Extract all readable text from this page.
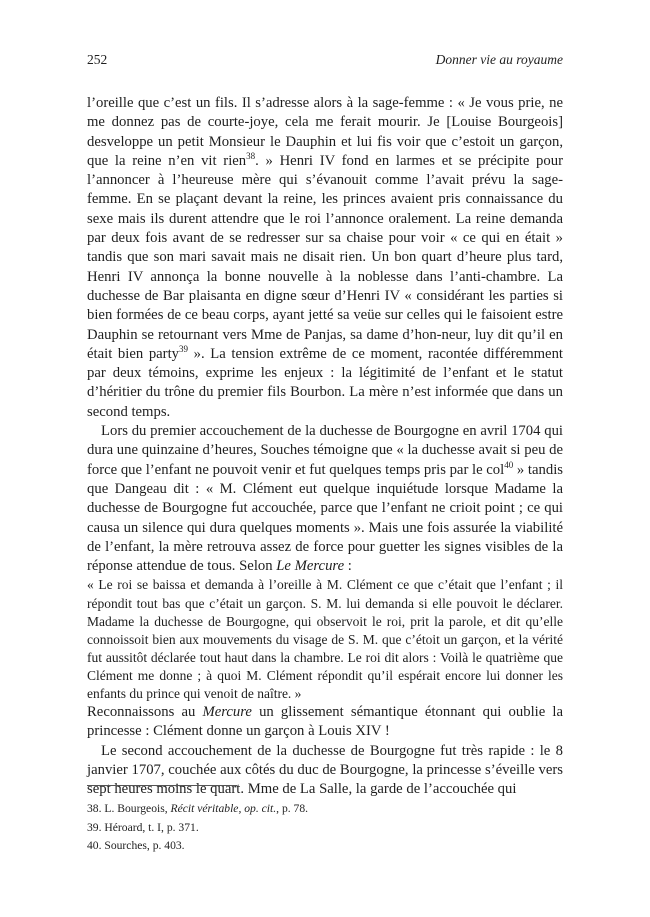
252	Donner vie au royaume

l’oreille que c’est un fils. Il s’adresse alors à la sage-femme : « Je vous prie, ne me donnez pas de courte-joye, cela me ferait mourir. Je [Louise Bourgeois] desveloppe un petit Monsieur le Dauphin et lui fis voir que c’estoit un garçon, que la reine n’en vit rien$^{38}$. » Henri IV fond en larmes et se précipite pour l’annoncer à l’heureuse mère qui s’évanouit comme l’avait prévu la sage-femme. En se plaçant devant la reine, les princes avaient pris connaissance du sexe mais ils durent attendre que le roi l’annonce oralement. La reine demanda par deux fois avant de se redresser sur sa chaise pour voir « ce qui en était » tandis que son mari savait mais ne disait rien. Un bon quart d’heure plus tard, Henri IV annonça la bonne nouvelle à la noblesse dans l’anti-chambre. La duchesse de Bar plaisanta en digne sœur d’Henri IV « considérant les parties si bien formées de ce beau corps, ayant jetté sa veüe sur celles qui le faisoient estre Dauphin se retournant vers Mme de Panjas, sa dame d’hon-neur, luy dit qu’il en était bien party$^{39}$ ». La tension extrême de ce moment, racontée différemment par deux témoins, exprime les enjeux : la légitimité de l’enfant et le statut d’héritier du trône du premier fils Bourbon. La mère n’est informée que dans un second temps.

Lors du premier accouchement de la duchesse de Bourgogne en avril 1704 qui dura une quinzaine d’heures, Souches témoigne que « la duchesse avait si peu de force que l’enfant ne pouvoit venir et fut quelques temps pris par le col$^{40}$ » tandis que Dangeau dit : « M. Clément eut quelque inquiétude lorsque Madame la duchesse de Bourgogne fut accouchée, parce que l’enfant ne crioit point ; ce qui causa un silence qui dura quelques moments ». Mais une fois assurée la viabilité de l’enfant, la mère retrouva assez de force pour guetter les signes visibles de la réponse attendue de tous. Selon Le Mercure :

« Le roi se baissa et demanda à l’oreille à M. Clément ce que c’était que l’enfant ; il répondit tout bas que c’était un garçon. S. M. lui demanda si elle pouvoit le déclarer. Madame la duchesse de Bourgogne, qui observoit le roi, prit la parole, et dit qu’elle connoissoit bien aux mouvements du visage de S. M. que c’étoit un garçon, et la vérité fut aussitôt déclarée tout haut dans la chambre. Le roi dit alors : Voilà le quatrième que Clément me donne ; à quoi M. Clément répondit qu’il espérait encore lui donner les enfants du prince qui venoit de naître. »

Reconnaissons au Mercure un glissement sémantique étonnant qui oublie la princesse : Clément donne un garçon à Louis XIV !

Le second accouchement de la duchesse de Bourgogne fut très rapide : le 8 janvier 1707, couchée aux côtés du duc de Bourgogne, la princesse s’éveille vers sept heures moins le quart. Mme de La Salle, la garde de l’accouchée qui

38. L. Bourgeois, Récit véritable, op. cit., p. 78.

39. Héroard, t. I, p. 371.

40. Sourches, p. 403.
